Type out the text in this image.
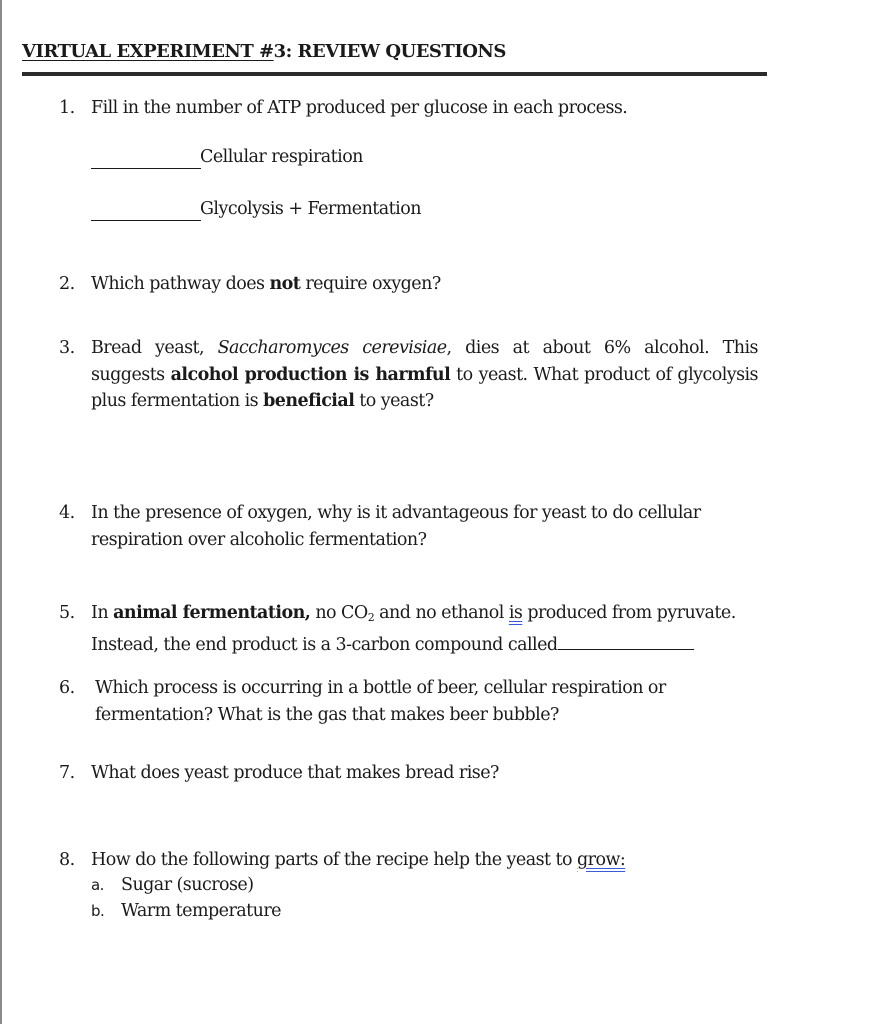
VIRTUAL EXPERIMENT #3: REVIEW QUESTIONS
1. Fill in the number of ATP produced per glucose in each process.
Cellular respiration
Glycolysis + Fermentation
2. Which pathway does not require oxygen?
3. Bread yeast, Saccharomyces cerevisiae, dies at about 6% alcohol. This suggests alcohol production is harmful to yeast. What product of glycolysis plus fermentation is beneficial to yeast?
4. In the presence of oxygen, why is it advantageous for yeast to do cellular
respiration over alcoholic fermentation?
5. In animal fermentation, no $CO_2$ and no ethanol is produced from pyruvate.
Instead, the end product is a 3-carbon compound called
6. Which process is occurring in a bottle of beer, cellular respiration or
fermentation? What is the gas that makes beer bubble?
7. What does yeast produce that makes bread rise?
8. How do the following parts of the recipe help the yeast to grow:
a. Sugar (sucrose)
b. Warm temperature
